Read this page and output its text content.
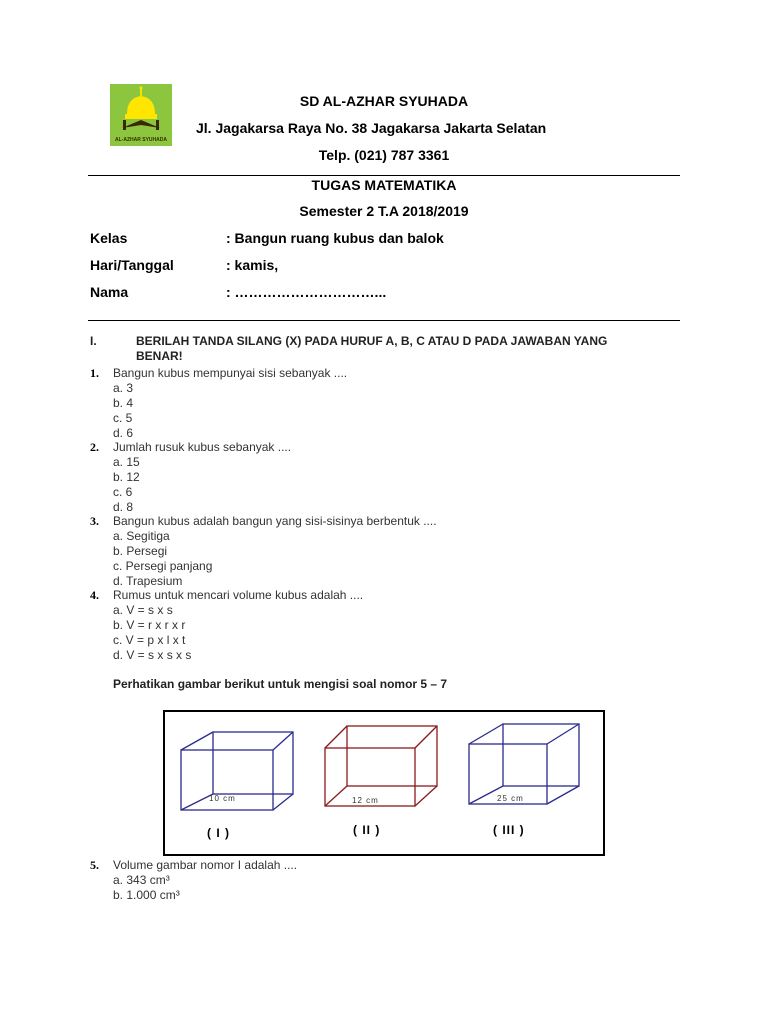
AL-AZHAR SYUHADA
SD AL-AZHAR SYUHADA
Jl. Jagakarsa Raya No. 38 Jagakarsa Jakarta Selatan
Telp. (021) 787 3361
TUGAS MATEMATIKA
Semester 2 T.A 2018/2019
Kelas	: Bangun ruang kubus dan balok
Hari/Tanggal	: kamis,
Nama	: …………………………...
I.	BERILAH TANDA SILANG (X) PADA HURUF A, B, C ATAU D PADA JAWABAN YANG BENAR!
1. Bangun kubus mempunyai sisi sebanyak ....
a. 3
b. 4
c. 5
d. 6
2. Jumlah rusuk kubus sebanyak ....
a. 15
b. 12
c. 6
d. 8
3. Bangun kubus adalah bangun yang sisi-sisinya berbentuk ....
a. Segitiga
b. Persegi
c. Persegi panjang
d. Trapesium
4. Rumus untuk mencari volume kubus adalah ....
a. V = s x s
b. V = r x r x r
c. V = p x l x t
d. V = s x s x s
Perhatikan gambar berikut untuk mengisi soal nomor 5 – 7
10 cm	12 cm	25 cm
( I )	( II )	( III )
5. Volume gambar nomor I adalah ....
a. 343 cm³
b. 1.000 cm³
